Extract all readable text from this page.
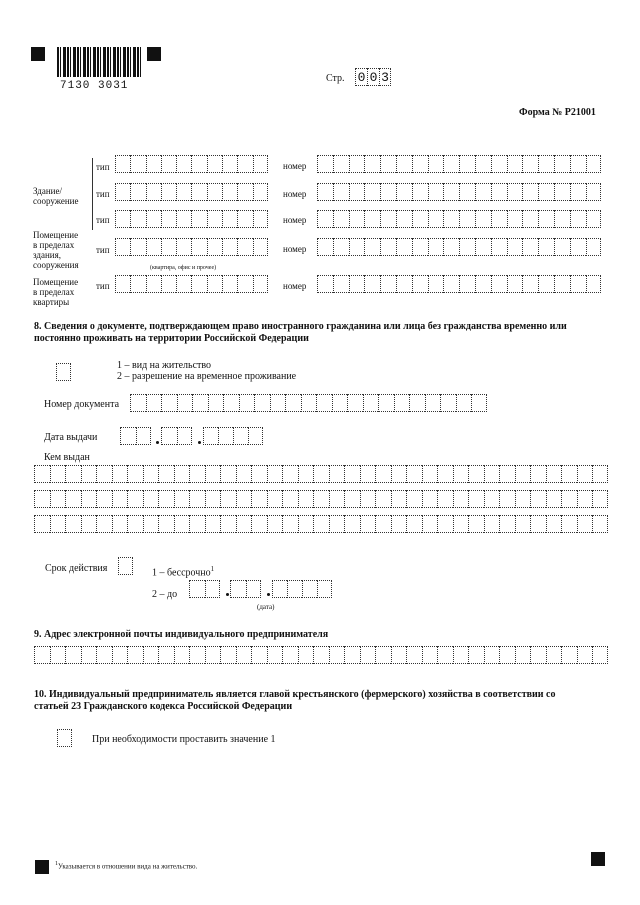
7130 3031
Стр. 0 0 3
Форма № Р21001
Здание/
сооружение
Помещение
в пределах
здания,
сооружения
Помещение
в пределах
квартиры
тип
тип
тип
тип
тип
номер
номер
номер
номер
номер
(квартира, офис и прочее)
8. Сведения о документе, подтверждающем право иностранного гражданина или лица без гражданства временно или постоянно проживать на территории Российской Федерации
1 – вид на жительство
2 – разрешение на временное проживание
Номер документа
Дата выдачи
Кем выдан
Срок действия	1 – бесcрочно$^1$
2 – до
(дата)
9. Адрес электронной почты индивидуального предпринимателя
10. Индивидуальный предприниматель является главой крестьянского (фермерского) хозяйства в соответствии со статьей 23 Гражданского кодекса Российской Федерации
При необходимости проставить значение 1
$^1$Указывается в отношении вида на жительство.
